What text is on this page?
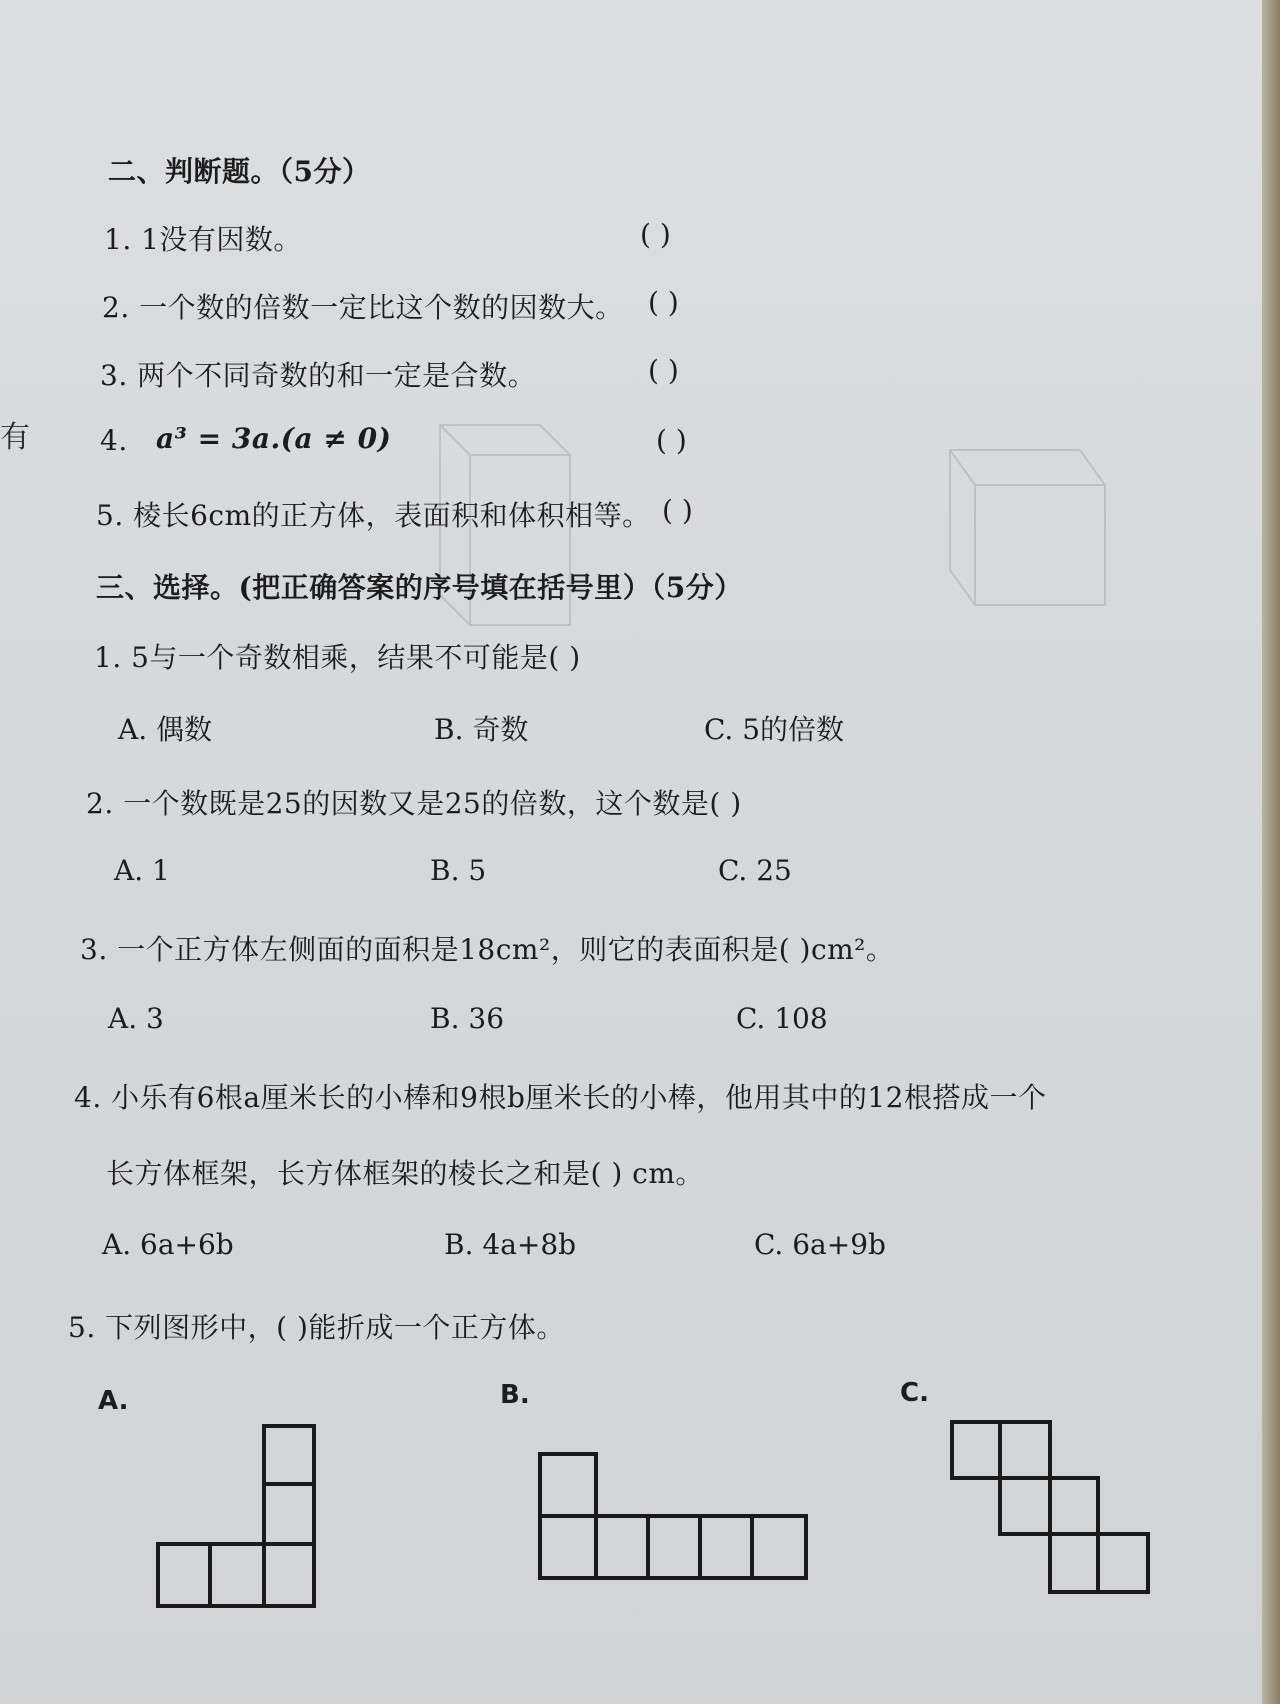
有
二、判断题。（5分）
1. 1没有因数。	( )
2. 一个数的倍数一定比这个数的因数大。 ( )
3. 两个不同奇数的和一定是合数。	( )
4. a³ = 3a.(a ≠ 0)	( )
5. 棱长6cm的正方体，表面积和体积相等。 ( )
三、选择。(把正确答案的序号填在括号里）（5分）
1. 5与一个奇数相乘，结果不可能是( )
A. 偶数	B. 奇数	C. 5的倍数
2. 一个数既是25的因数又是25的倍数，这个数是( )
A. 1	B. 5	C. 25
3. 一个正方体左侧面的面积是18cm²，则它的表面积是( )cm²。
A. 3	B. 36	C. 108
4. 小乐有6根a厘米长的小棒和9根b厘米长的小棒，他用其中的12根搭成一个
长方体框架，长方体框架的棱长之和是( ) cm。
A. 6a+6b	B. 4a+8b	C. 6a+9b
5. 下列图形中，( )能折成一个正方体。
A.	B.	C.
